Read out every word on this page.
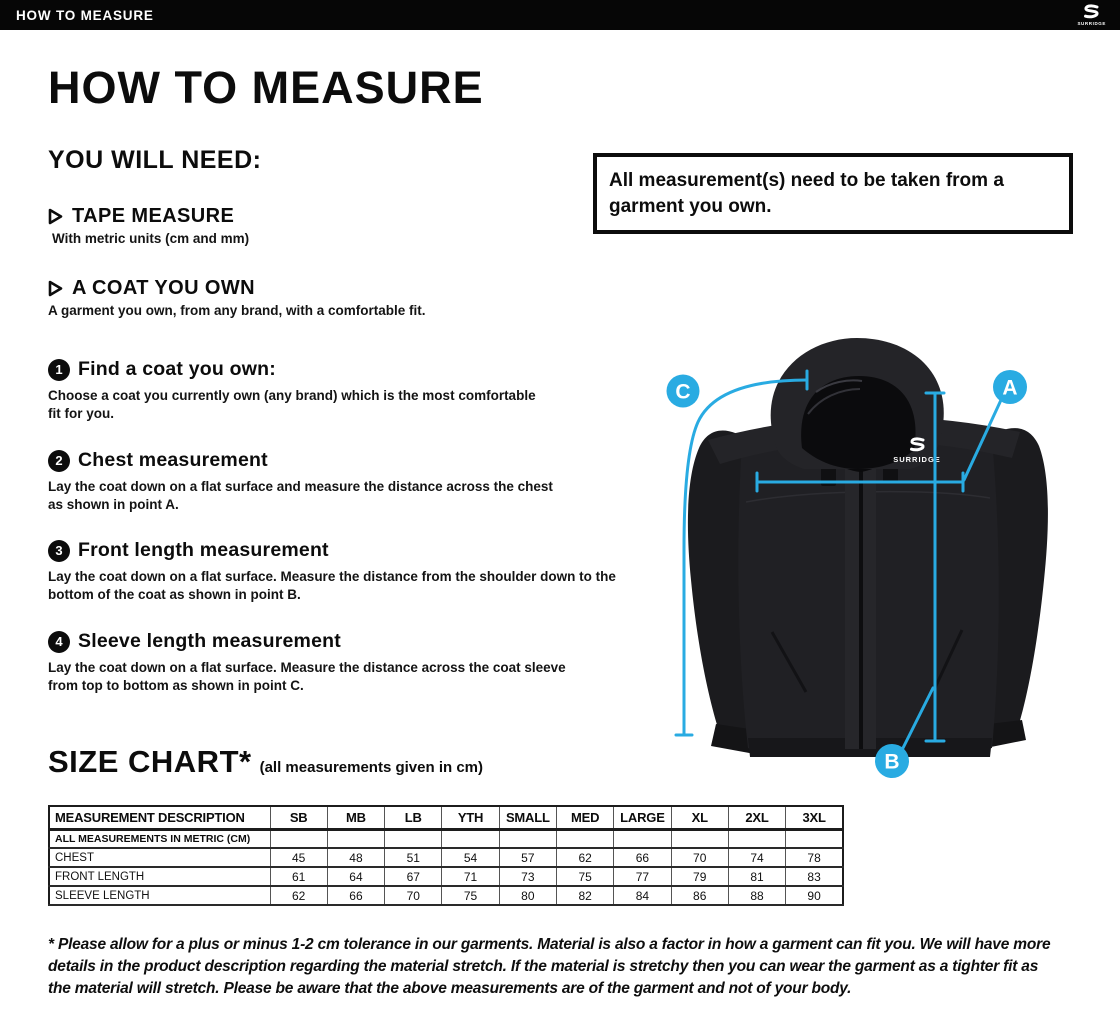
HOW TO MEASURE
SURRIDGE
HOW TO MEASURE
YOU WILL NEED:

All measurement(s) need to be taken from a garment you own.

TAPE MEASURE

With metric units (cm and mm)

A COAT YOU OWN

A garment you own, from any brand, with a comfortable fit.

1 Find a coat you own:

Choose a coat you currently own (any brand) which is the most comfortable fit for you.

2 Chest measurement

Lay the coat down on a flat surface and measure the distance across the chest as shown in point A.

3 Front length measurement

Lay the coat down on a flat surface. Measure the distance from the shoulder down to the bottom of the coat as shown in point B.

4 Sleeve length measurement

Lay the coat down on a flat surface. Measure the distance across the coat sleeve from top to bottom as shown in point C.

SURRIDGE
A
B
C
SIZE CHART* (all measurements given in cm)
MEASUREMENT DESCRIPTION	SB	MB	LB	YTH	SMALL	MED	LARGE	XL	2XL	3XL
ALL MEASUREMENTS IN METRIC (CM)										
CHEST	45	48	51	54	57	62	66	70	74	78
FRONT LENGTH	61	64	67	71	73	75	77	79	81	83
SLEEVE LENGTH	62	66	70	75	80	82	84	86	88	90

* Please allow for a plus or minus 1-2 cm tolerance in our garments. Material is also a factor in how a garment can fit you. We will have more details in the product description regarding the material stretch. If the material is stretchy then you can wear the garment as a tighter fit as the material will stretch. Please be aware that the above measurements are of the garment and not of your body.
